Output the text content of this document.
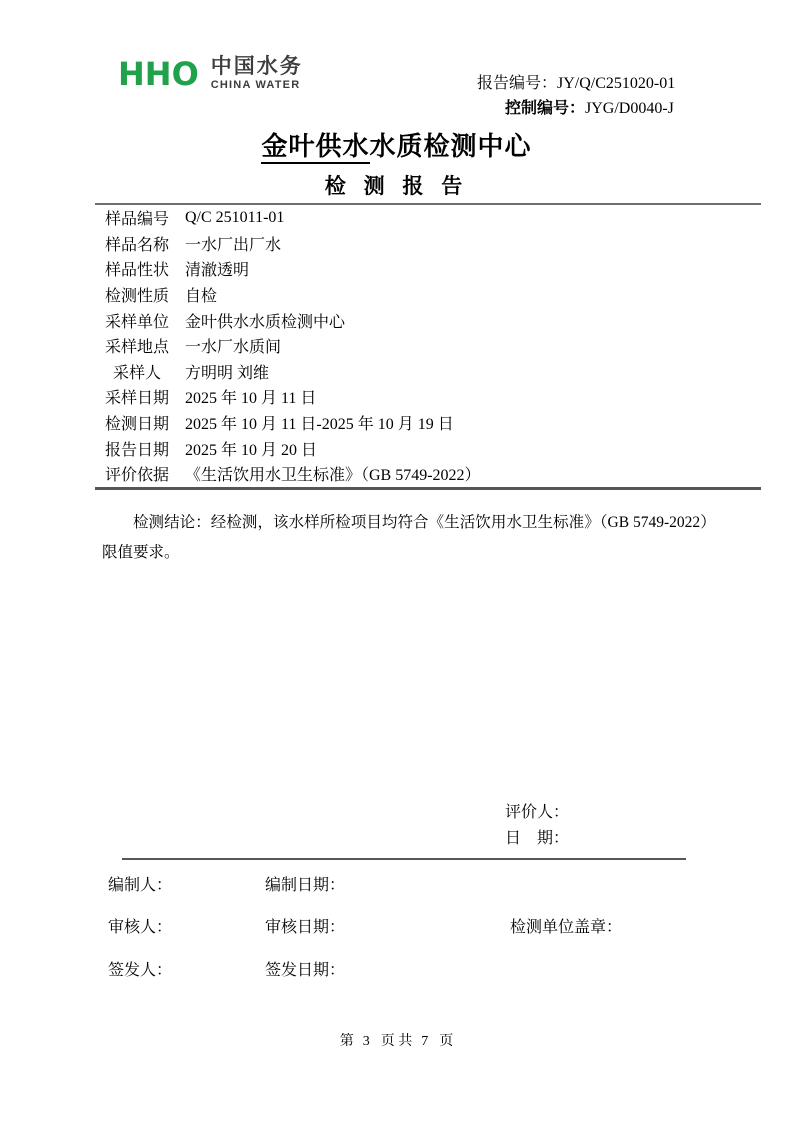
HHO 中国水务
CHINA WATER	报告编号：JY/Q/C251020-01
控制编号：JYG/D0040-J
金叶供水水质检测中心
检 测 报 告
样品编号 Q/C 251011-01
样品名称 一水厂出厂水
样品性状 清澈透明
检测性质 自检
采样单位 金叶供水水质检测中心
采样地点 一水厂水质间
采样人	方明明 刘维
采样日期 2025 年 10 月 11 日
检测日期 2025 年 10 月 11 日-2025 年 10 月 19 日
报告日期 2025 年 10 月 20 日
评价依据 《生活饮用水卫生标准》（GB 5749-2022）
检测结论：经检测，该水样所检项目均符合《生活饮用水卫生标准》（GB 5749-2022）限值要求。
评价人：
日　期：
编制人：	编制日期：
审核人：	审核日期：	检测单位盖章：
签发人：	签发日期：
第 3 页 共 7 页
